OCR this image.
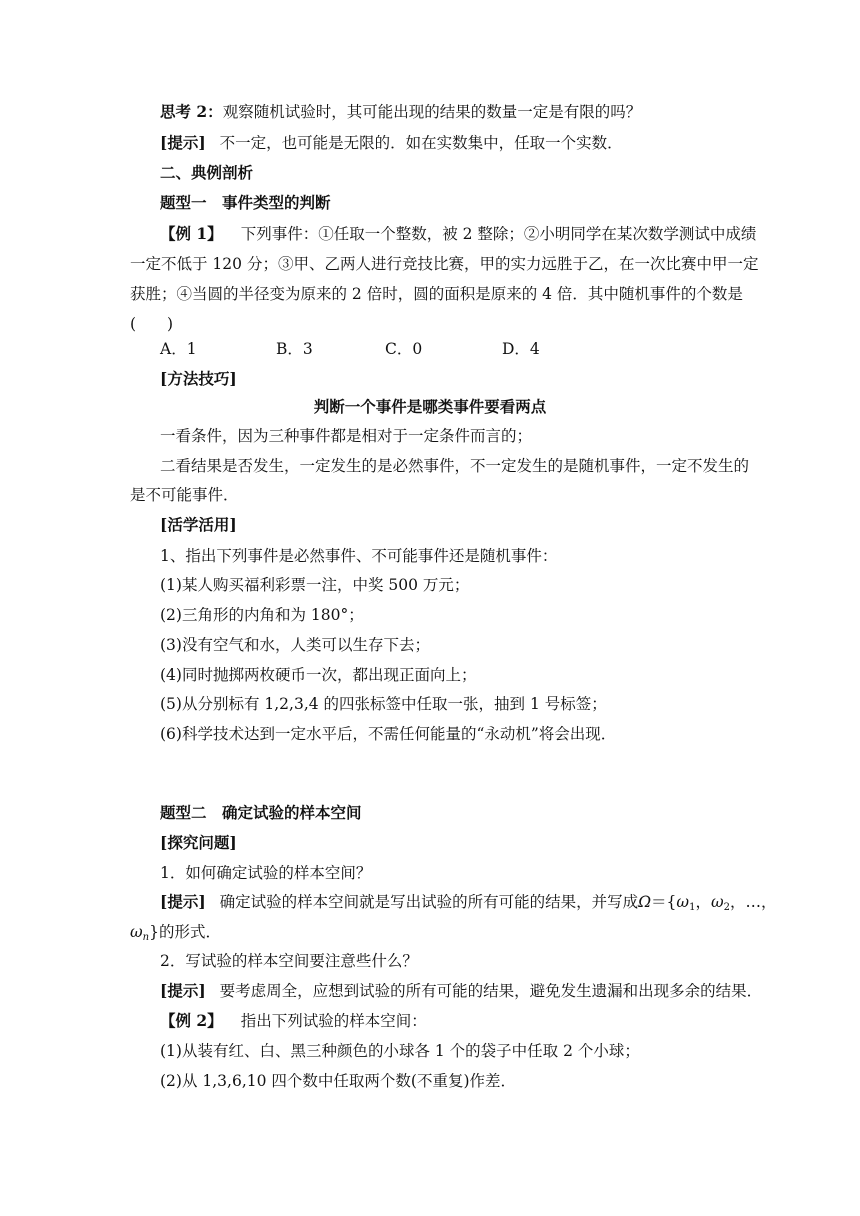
思考 2：观察随机试验时，其可能出现的结果的数量一定是有限的吗？
[提示] 不一定，也可能是无限的．如在实数集中，任取一个实数．
二、典例剖析
题型一　事件类型的判断
【例 1】 下列事件：①任取一个整数，被 2 整除；②小明同学在某次数学测试中成绩
一定不低于 120 分；③甲、乙两人进行竞技比赛，甲的实力远胜于乙，在一次比赛中甲一定
获胜；④当圆的半径变为原来的 2 倍时，圆的面积是原来的 4 倍．其中随机事件的个数是
(　　)
A．1	B．3	C．0	D．4
[方法技巧]
判断一个事件是哪类事件要看两点
一看条件，因为三种事件都是相对于一定条件而言的；
二看结果是否发生，一定发生的是必然事件，不一定发生的是随机事件，一定不发生的
是不可能事件．
[活学活用]
1、指出下列事件是必然事件、不可能事件还是随机事件：
(1)某人购买福利彩票一注，中奖 500 万元；
(2)三角形的内角和为 180°；
(3)没有空气和水，人类可以生存下去；
(4)同时抛掷两枚硬币一次，都出现正面向上；
(5)从分别标有 1,2,3,4 的四张标签中任取一张，抽到 1 号标签；
(6)科学技术达到一定水平后，不需任何能量的“永动机”将会出现．
题型二　确定试验的样本空间
[探究问题]
1．如何确定试验的样本空间？
[提示] 确定试验的样本空间就是写出试验的所有可能的结果，并写成$\Omega=\{\omega_1$，$\omega_2$，…，
$\omega_n$}的形式．
2．写试验的样本空间要注意些什么？
[提示] 要考虑周全，应想到试验的所有可能的结果，避免发生遗漏和出现多余的结果．
【例 2】 指出下列试验的样本空间：
(1)从装有红、白、黑三种颜色的小球各 1 个的袋子中任取 2 个小球；
(2)从 1,3,6,10 四个数中任取两个数(不重复)作差．
